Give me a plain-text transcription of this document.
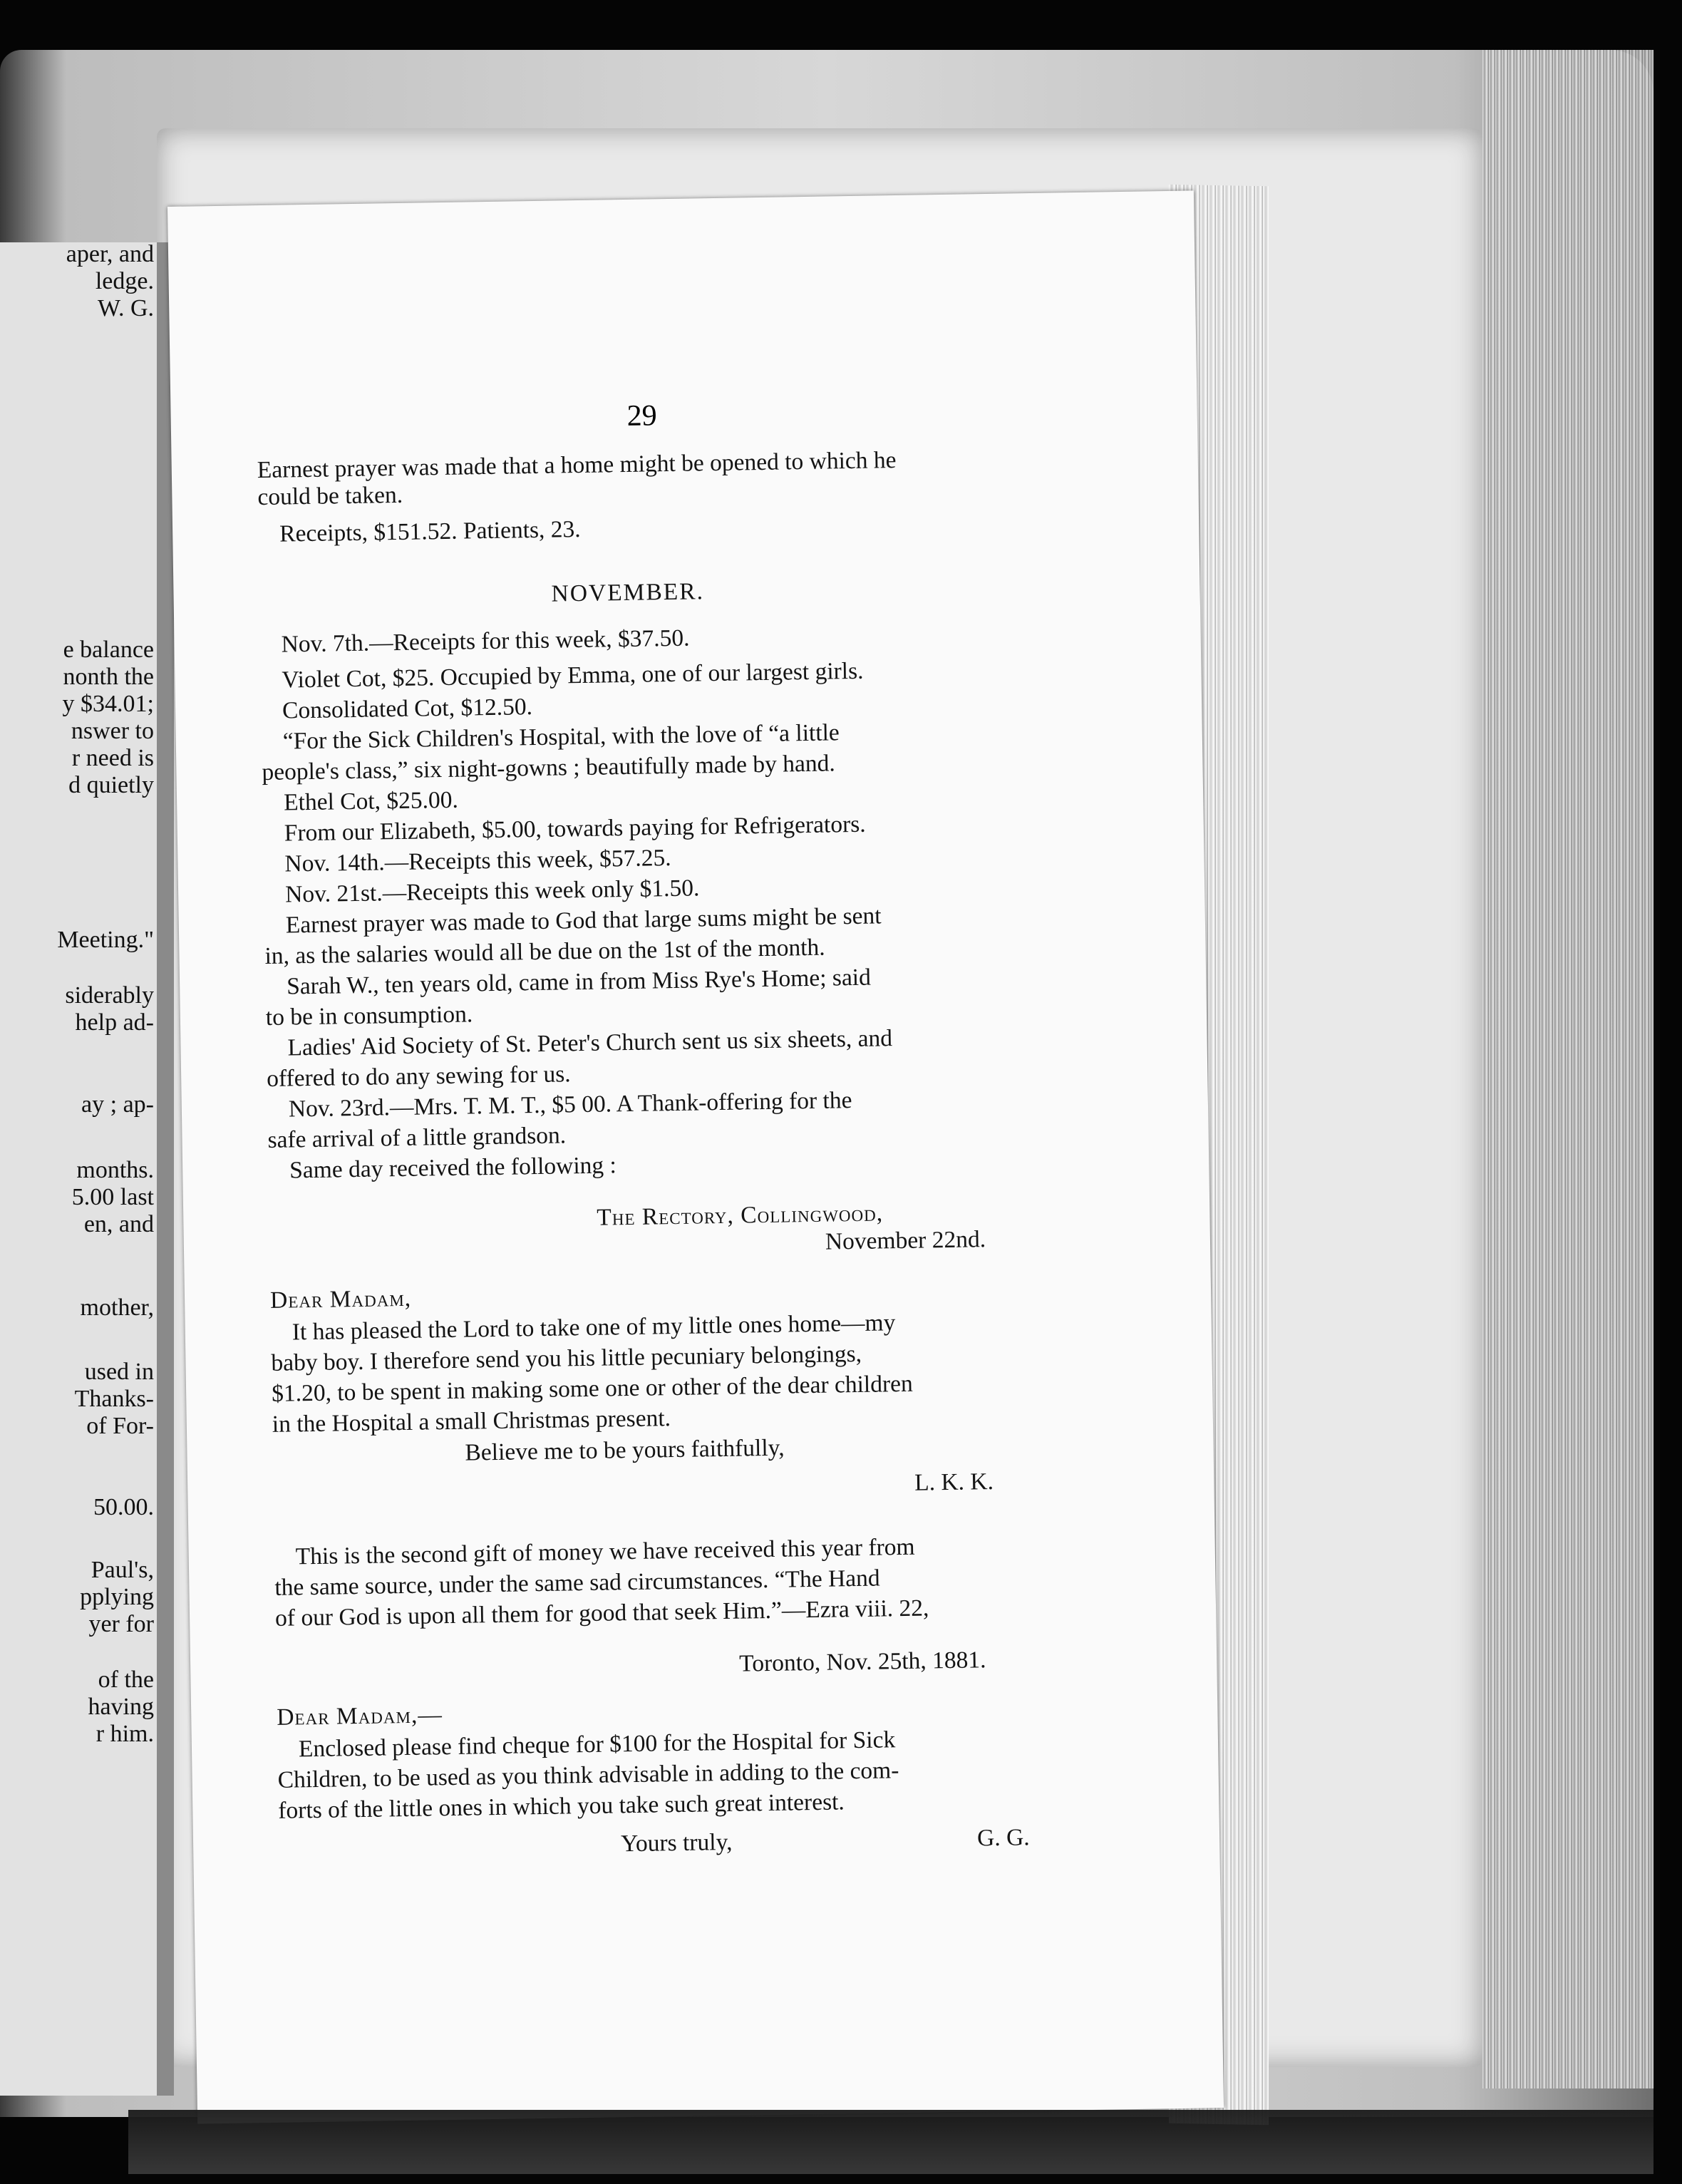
aper, and
ledge.
W. G.
e balance
nonth the
y $34.01;
nswer to
r need is
d quietly
Meeting."
siderably
help ad-
ay ; ap-
months.
5.00 last
en, and
mother,
used in
Thanks-
of For-
50.00.
Paul's,
pplying
yer for
of the
having
r him.
29
Earnest prayer was made that a home might be opened to which he
could be taken.
Receipts, $151.52. Patients, 23.
NOVEMBER.
Nov. 7th.—Receipts for this week, $37.50.
Violet Cot, $25. Occupied by Emma, one of our largest girls.
Consolidated Cot, $12.50.
“For the Sick Children's Hospital, with the love of “a little
people's class,” six night-gowns ; beautifully made by hand.
Ethel Cot, $25.00.
From our Elizabeth, $5.00, towards paying for Refrigerators.
Nov. 14th.—Receipts this week, $57.25.
Nov. 21st.—Receipts this week only $1.50.
Earnest prayer was made to God that large sums might be sent
in, as the salaries would all be due on the 1st of the month.
Sarah W., ten years old, came in from Miss Rye's Home; said
to be in consumption.
Ladies' Aid Society of St. Peter's Church sent us six sheets, and
offered to do any sewing for us.
Nov. 23rd.—Mrs. T. M. T., $5 00. A Thank-offering for the
safe arrival of a little grandson.
Same day received the following :
The Rectory, Collingwood,
November 22nd.
Dear Madam,
It has pleased the Lord to take one of my little ones home—my
baby boy. I therefore send you his little pecuniary belongings,
$1.20, to be spent in making some one or other of the dear children
in the Hospital a small Christmas present.
Believe me to be yours faithfully,
L. K. K.
This is the second gift of money we have received this year from
the same source, under the same sad circumstances. “The Hand
of our God is upon all them for good that seek Him.”—Ezra viii. 22,
Toronto, Nov. 25th, 1881.
Dear Madam,—
Enclosed please find cheque for $100 for the Hospital for Sick
Children, to be used as you think advisable in adding to the com-
forts of the little ones in which you take such great interest.
Yours truly,	G. G.
